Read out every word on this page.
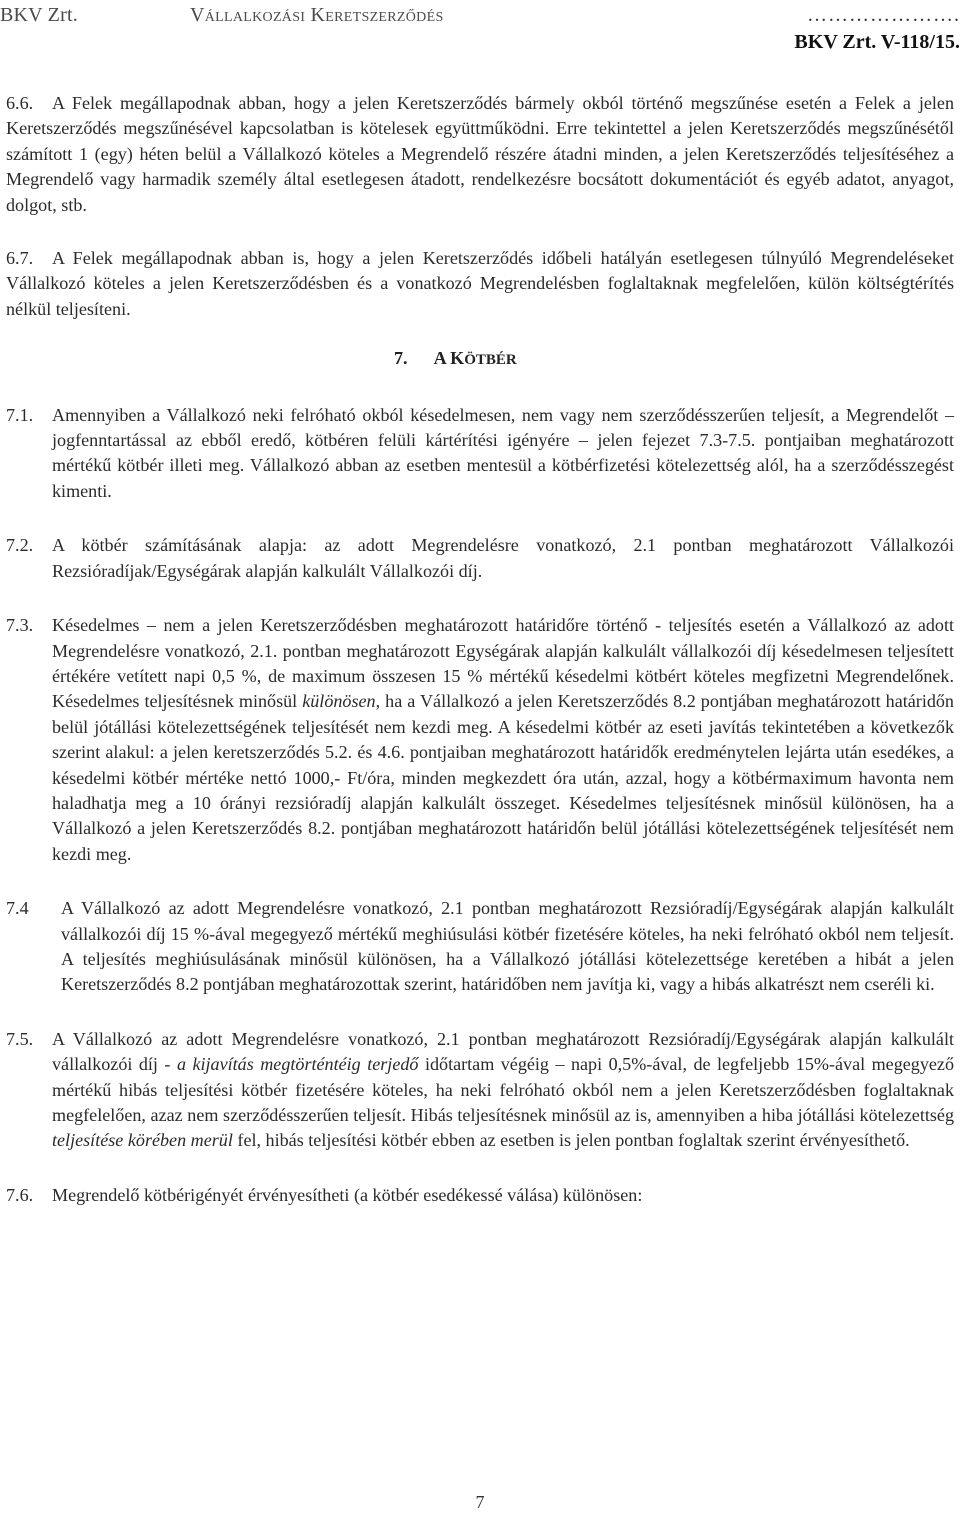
BKV Zrt.	Vállalkozási Keretszerződés	………………….
BKV Zrt. V-118/15.

6.6. A Felek megállapodnak abban, hogy a jelen Keretszerződés bármely okból történő megszűnése esetén a Felek a jelen Keretszerződés megszűnésével kapcsolatban is kötelesek együttműködni. Erre tekintettel a jelen Keretszerződés megszűnésétől számított 1 (egy) héten belül a Vállalkozó köteles a Megrendelő részére átadni minden, a jelen Keretszerződés teljesítéséhez a Megrendelő vagy harmadik személy által esetlegesen átadott, rendelkezésre bocsátott dokumentációt és egyéb adatot, anyagot, dolgot, stb.

6.7. A Felek megállapodnak abban is, hogy a jelen Keretszerződés időbeli hatályán esetlegesen túlnyúló Megrendeléseket Vállalkozó köteles a jelen Keretszerződésben és a vonatkozó Megrendelésben foglaltaknak megfelelően, külön költségtérítés nélkül teljesíteni.

7. A KÖTBÉR

7.1. Amennyiben a Vállalkozó neki felróható okból késedelmesen, nem vagy nem szerződésszerűen teljesít, a Megrendelőt – jogfenntartással az ebből eredő, kötbéren felüli kártérítési igényére – jelen fejezet 7.3-7.5. pontjaiban meghatározott mértékű kötbér illeti meg. Vállalkozó abban az esetben mentesül a kötbérfizetési kötelezettség alól, ha a szerződésszegést kimenti.

7.2. A kötbér számításának alapja: az adott Megrendelésre vonatkozó, 2.1 pontban meghatározott Vállalkozói Rezsióradíjak/Egységárak alapján kalkulált Vállalkozói díj.

7.3. Késedelmes – nem a jelen Keretszerződésben meghatározott határidőre történő - teljesítés esetén a Vállalkozó az adott Megrendelésre vonatkozó, 2.1. pontban meghatározott Egységárak alapján kalkulált vállalkozói díj késedelmesen teljesített értékére vetített napi 0,5 %, de maximum összesen 15 % mértékű késedelmi kötbért köteles megfizetni Megrendelőnek. Késedelmes teljesítésnek minősül különösen, ha a Vállalkozó a jelen Keretszerződés 8.2 pontjában meghatározott határidőn belül jótállási kötelezettségének teljesítését nem kezdi meg. A késedelmi kötbér az eseti javítás tekintetében a következők szerint alakul: a jelen keretszerződés 5.2. és 4.6. pontjaiban meghatározott határidők eredménytelen lejárta után esedékes, a késedelmi kötbér mértéke nettó 1000,- Ft/óra, minden megkezdett óra után, azzal, hogy a kötbérmaximum havonta nem haladhatja meg a 10 órányi rezsióradíj alapján kalkulált összeget. Késedelmes teljesítésnek minősül különösen, ha a Vállalkozó a jelen Keretszerződés 8.2. pontjában meghatározott határidőn belül jótállási kötelezettségének teljesítését nem kezdi meg.

7.4 A Vállalkozó az adott Megrendelésre vonatkozó, 2.1 pontban meghatározott Rezsióradíj/Egységárak alapján kalkulált vállalkozói díj 15 %-ával megegyező mértékű meghiúsulási kötbér fizetésére köteles, ha neki felróható okból nem teljesít. A teljesítés meghiúsulásának minősül különösen, ha a Vállalkozó jótállási kötelezettsége keretében a hibát a jelen Keretszerződés 8.2 pontjában meghatározottak szerint, határidőben nem javítja ki, vagy a hibás alkatrészt nem cseréli ki.

7.5. A Vállalkozó az adott Megrendelésre vonatkozó, 2.1 pontban meghatározott Rezsióradíj/Egységárak alapján kalkulált vállalkozói díj - a kijavítás megtörténtéig terjedő időtartam végéig – napi 0,5%-ával, de legfeljebb 15%-ával megegyező mértékű hibás teljesítési kötbér fizetésére köteles, ha neki felróható okból nem a jelen Keretszerződésben foglaltaknak megfelelően, azaz nem szerződésszerűen teljesít. Hibás teljesítésnek minősül az is, amennyiben a hiba jótállási kötelezettség teljesítése körében merül fel, hibás teljesítési kötbér ebben az esetben is jelen pontban foglaltak szerint érvényesíthető.

7.6. Megrendelő kötbérigényét érvényesítheti (a kötbér esedékessé válása) különösen:

7
